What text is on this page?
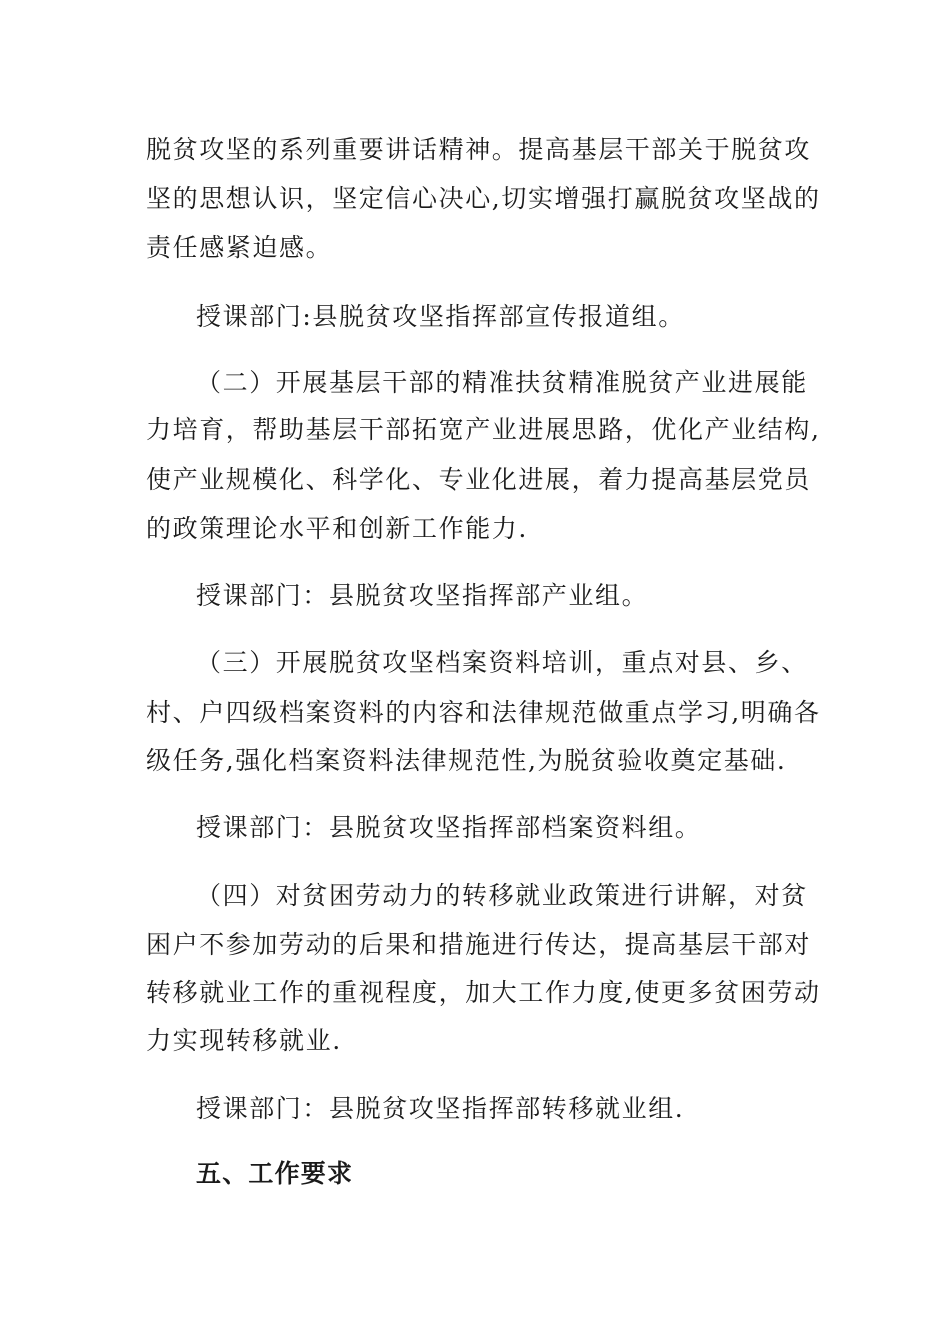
脱贫攻坚的系列重要讲话精神。提高基层干部关于脱贫攻
坚的思想认识，坚定信心决心,切实增强打赢脱贫攻坚战的
责任感紧迫感。
授课部门:县脱贫攻坚指挥部宣传报道组。
（二）开展基层干部的精准扶贫精准脱贫产业进展能
力培育，帮助基层干部拓宽产业进展思路，优化产业结构,
使产业规模化、科学化、专业化进展，着力提高基层党员
的政策理论水平和创新工作能力.
授课部门：县脱贫攻坚指挥部产业组。
（三）开展脱贫攻坚档案资料培训，重点对县、乡、
村、户四级档案资料的内容和法律规范做重点学习,明确各
级任务,强化档案资料法律规范性,为脱贫验收奠定基础.
授课部门：县脱贫攻坚指挥部档案资料组。
（四）对贫困劳动力的转移就业政策进行讲解，对贫
困户不参加劳动的后果和措施进行传达，提高基层干部对
转移就业工作的重视程度，加大工作力度,使更多贫困劳动
力实现转移就业.
授课部门：县脱贫攻坚指挥部转移就业组.
五、工作要求
